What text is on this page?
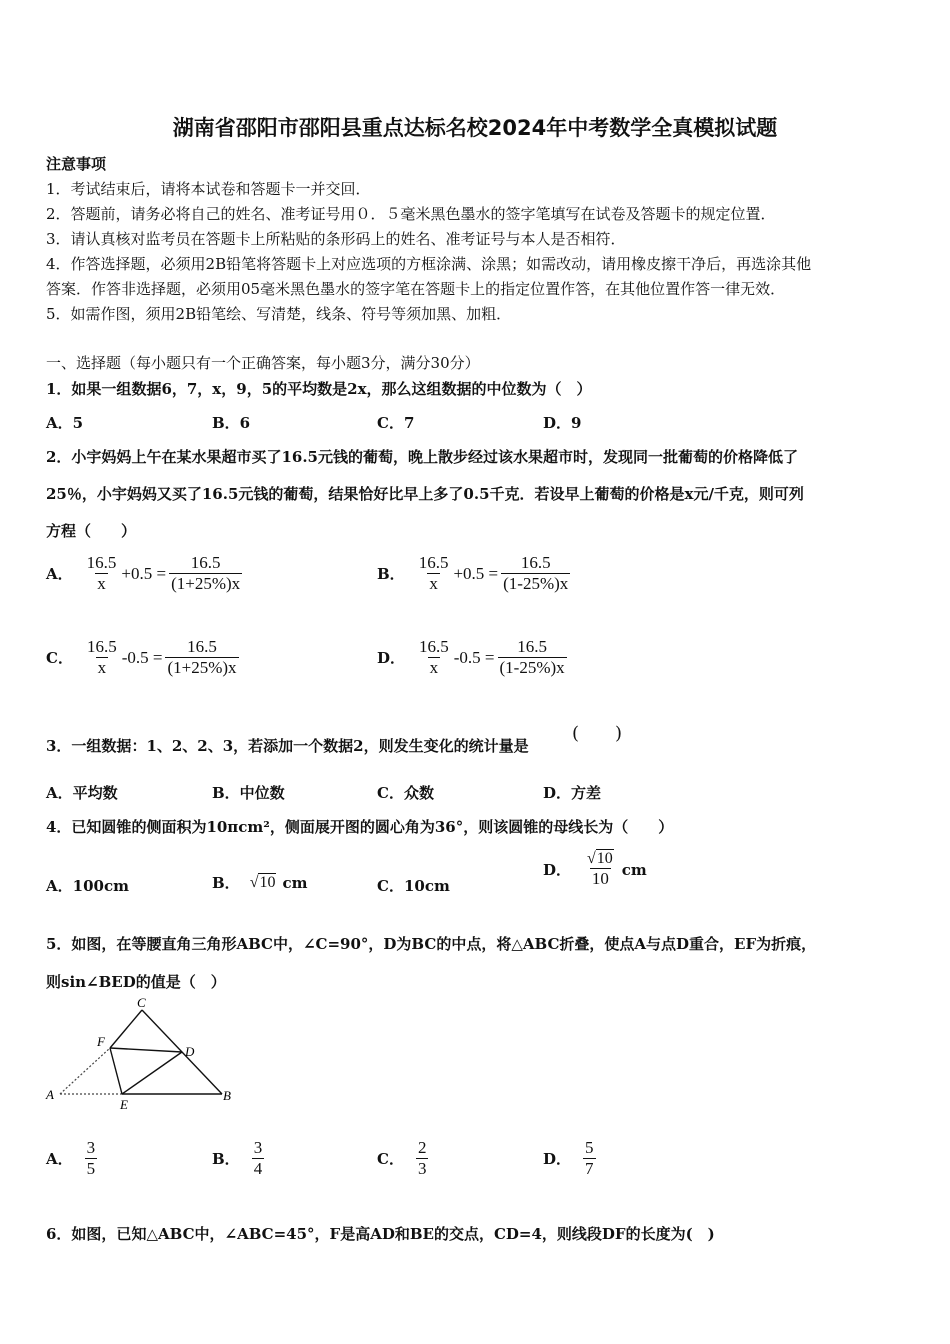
湖南省邵阳市邵阳县重点达标名校2024年中考数学全真模拟试题
注意事项
1．考试结束后，请将本试卷和答题卡一并交回．
2．答题前，请务必将自己的姓名、准考证号用０．５毫米黑色墨水的签字笔填写在试卷及答题卡的规定位置．
3．请认真核对监考员在答题卡上所粘贴的条形码上的姓名、准考证号与本人是否相符．
4．作答选择题，必须用2B铅笔将答题卡上对应选项的方框涂满、涂黑；如需改动，请用橡皮擦干净后，再选涂其他
答案．作答非选择题，必须用05毫米黑色墨水的签字笔在答题卡上的指定位置作答，在其他位置作答一律无效．
5．如需作图，须用2B铅笔绘、写清楚，线条、符号等须加黑、加粗．
一、选择题（每小题只有一个正确答案，每小题3分，满分30分）
1．如果一组数据6，7，x，9，5的平均数是2x，那么这组数据的中位数为（　）
A．5	B．6	C．7	D．9
2．小宇妈妈上午在某水果超市买了16.5元钱的葡萄，晚上散步经过该水果超市时，发现同一批葡萄的价格降低了
25％，小宇妈妈又买了16.5元钱的葡萄，结果恰好比早上多了0.5千克．若设早上葡萄的价格是x元/千克，则可列
方程（　　）
A． $\frac{16.5}{x} +0.5 = \frac{16.5}{(1+25\%)x}$	B． $\frac{16.5}{x} +0.5 = \frac{16.5}{(1-25\%)x}$
C． $\frac{16.5}{x} -0.5 = \frac{16.5}{(1+25\%)x}$	D． $\frac{16.5}{x} -0.5 = \frac{16.5}{(1-25\%)x}$
3．一组数据：1、2、2、3，若添加一个数据2，则发生变化的统计量是
(　　)
A．平均数	B．中位数	C．众数	D．方差
4．已知圆锥的侧面积为10πcm²，侧面展开图的圆心角为36°，则该圆锥的母线长为（　　）
A．100cm	B． √10 cm	C．10cm
D． $\frac{√10}{10}$ cm
5．如图，在等腰直角三角形ABC中，∠C=90°，D为BC的中点，将△ABC折叠，使点A与点D重合，EF为折痕，
则sin∠BED的值是（　）
C
F
D
A
E
B
A． $\frac{3}{5}$	B． $\frac{3}{4}$	C． $\frac{2}{3}$	D． $\frac{5}{7}$
6．如图，已知△ABC中，∠ABC=45°，F是高AD和BE的交点，CD=4，则线段DF的长度为(　)
